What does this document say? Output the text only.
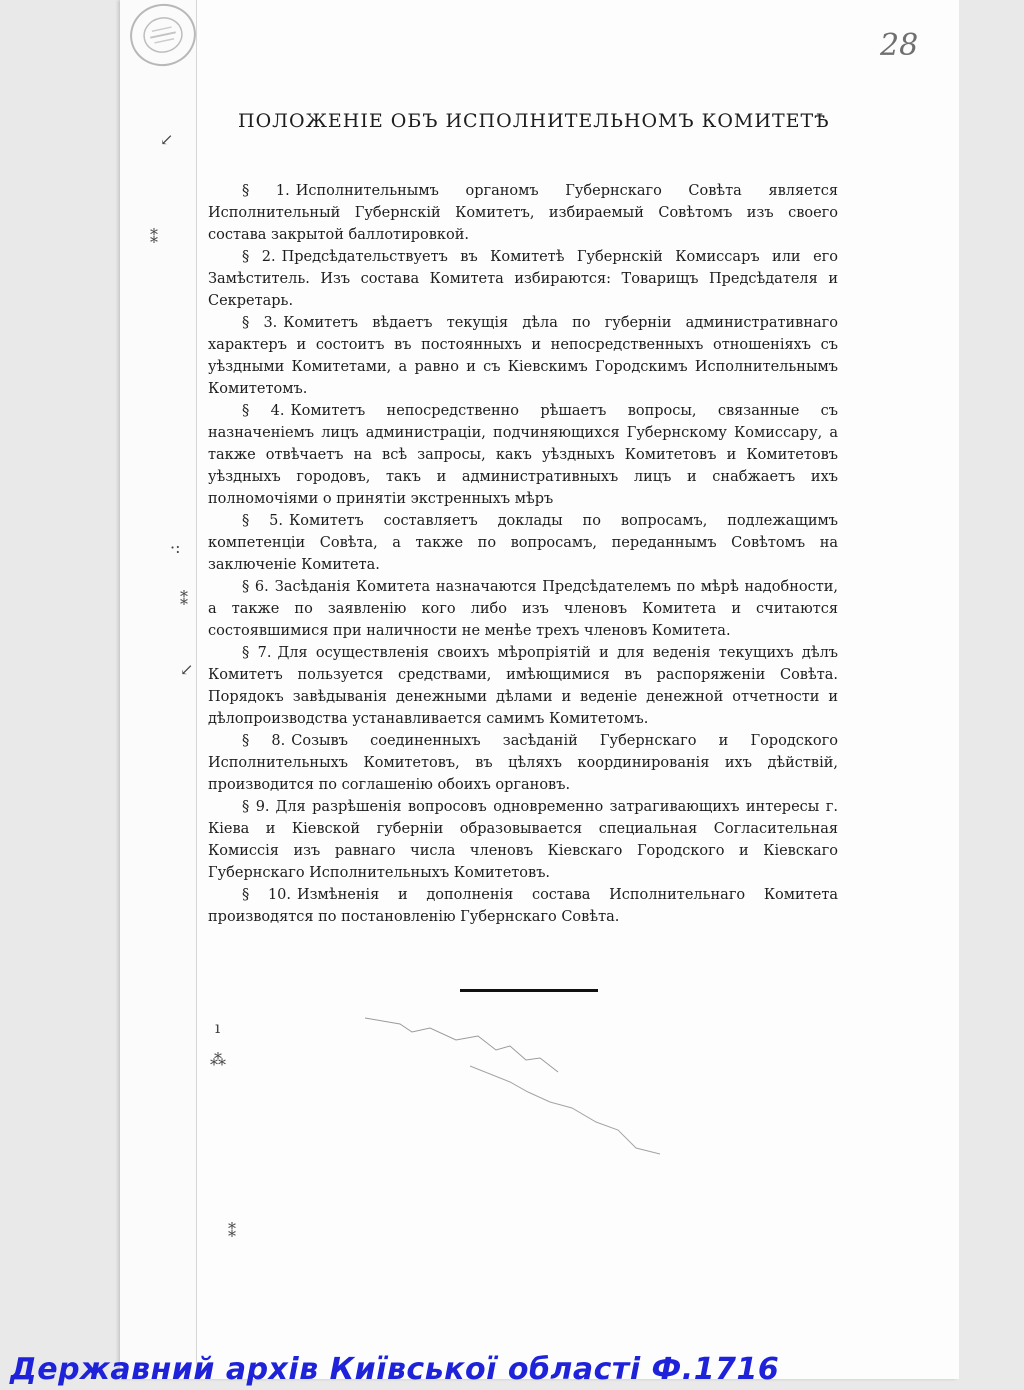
28
ПОЛОЖЕНІЕ ОБЪ ИСПОЛНИТЕЛЬНОМЪ КОМИТЕТѢ

§ 1. Исполнительнымъ органомъ Губернскаго Совѣта является Исполнительный Губернскій Комитетъ, избираемый Совѣтомъ изъ своего состава закрытой баллотировкой.

§ 2. Предсѣдательствуетъ въ Комитетѣ Губернскій Комиссаръ или его Замѣститель. Изъ состава Комитета избираются: Товарищъ Предсѣдателя и Секретарь.

§ 3. Комитетъ вѣдаетъ текущія дѣла по губерніи административнаго характеръ и состоитъ въ постоянныхъ и непосредственныхъ отношеніяхъ съ уѣздными Комитетами, а равно и съ Кіевскимъ Городскимъ Исполнительнымъ Комитетомъ.

§ 4. Комитетъ непосредственно рѣшаетъ вопросы, связанные съ назначеніемъ лицъ администраціи, подчиняющихся Губернскому Комиссару, а также отвѣчаетъ на всѣ запросы, какъ уѣздныхъ Комитетовъ и Комитетовъ уѣздныхъ городовъ, такъ и административныхъ лицъ и снабжаетъ ихъ полномочіями о принятіи экстренныхъ мѣръ

§ 5. Комитетъ составляетъ доклады по вопросамъ, подлежащимъ компетенціи Совѣта, а также по вопросамъ, переданнымъ Совѣтомъ на заключеніе Комитета.

§ 6. Засѣданія Комитета назначаются Предсѣдателемъ по мѣрѣ надобности, а также по заявленію кого либо изъ членовъ Комитета и считаются состоявшимися при наличности не менѣе трехъ членовъ Комитета.

§ 7. Для осуществленія своихъ мѣропріятій и для веденія текущихъ дѣлъ Комитетъ пользуется средствами, имѣющимися въ распоряженіи Совѣта. Порядокъ завѣдыванія денежными дѣлами и веденіе денежной отчетности и дѣлопроизводства устанавливается самимъ Комитетомъ.

§ 8. Созывъ соединенныхъ засѣданій Губернскаго и Городского Исполнительныхъ Комитетовъ, въ цѣляхъ координированія ихъ дѣйствій, производится по соглашенію обоихъ органовъ.

§ 9. Для разрѣшенія вопросовъ одновременно затрагивающихъ интересы г. Кіева и Кіевской губерніи образовывается специальная Согласительная Комиссія изъ равнаго числа членовъ Кіевскаго Городского и Кіевскаго Губернскаго Исполнительныхъ Комитетовъ.

§ 10. Измѣненія и дополненія состава Исполнительнаго Комитета производятся по постановленію Губернскаго Совѣта.

↙
⁑
·:
⁑
↙
ı
⁂
⁑
Державний архів Київської області Ф.1716
